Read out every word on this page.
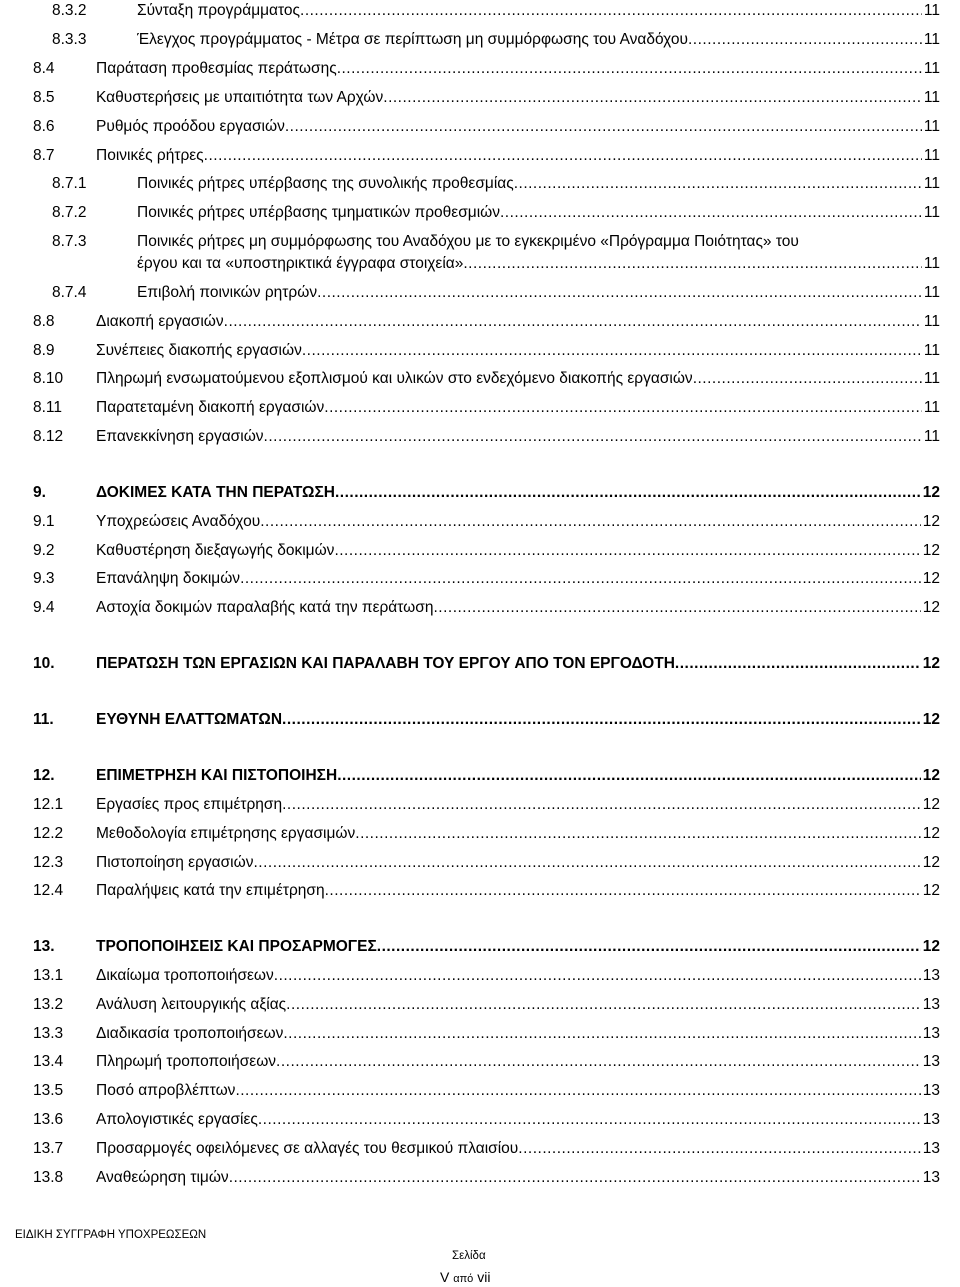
8.3.2	Σύνταξη προγράμματος .....	11
8.3.3	Έλεγχος προγράμματος - Μέτρα σε περίπτωση μη συμμόρφωσης του Αναδόχου .....	11
8.4	Παράταση προθεσμίας περάτωσης .....	11
8.5	Καθυστερήσεις με υπαιτιότητα των Αρχών .....	11
8.6	Ρυθμός προόδου εργασιών .....	11
8.7	Ποινικές ρήτρες .....	11
8.7.1	Ποινικές ρήτρες υπέρβασης της συνολικής προθεσμίας .....	11
8.7.2	Ποινικές ρήτρες υπέρβασης τμηματικών προθεσμιών .....	11
8.7.3	Ποινικές ρήτρες μη συμμόρφωσης του Αναδόχου με το εγκεκριμένο «Πρόγραμμα Ποιότητας» του
έργου και τα «υποστηρικτικά έγγραφα στοιχεία» .....	11
8.7.4	Επιβολή ποινικών ρητρών .....	11
8.8	Διακοπή εργασιών .....	11
8.9	Συνέπειες διακοπής εργασιών .....	11
8.10 Πληρωμή ενσωματούμενου εξοπλισμού και υλικών στο ενδεχόμενο διακοπής εργασιών .....	11
8.11 Παρατεταμένη διακοπή εργασιών .....	11
8.12 Επανεκκίνηση εργασιών .....	11
9.	ΔΟΚΙΜΕΣ ΚΑΤΑ ΤΗΝ ΠΕΡΑΤΩΣΗ .....	12
9.1	Υποχρεώσεις Αναδόχου .....	12
9.2	Καθυστέρηση διεξαγωγής δοκιμών .....	12
9.3	Επανάληψη δοκιμών .....	12
9.4	Αστοχία δοκιμών παραλαβής κατά την περάτωση .....	12
10.	ΠΕΡΑΤΩΣΗ ΤΩΝ ΕΡΓΑΣΙΩΝ ΚΑΙ ΠΑΡΑΛΑΒΗ ΤΟΥ ΕΡΓΟΥ ΑΠΟ ΤΟΝ ΕΡΓΟΔΟΤΗ .....	12
11.	ΕΥΘΥΝΗ ΕΛΑΤΤΩΜΑΤΩΝ .....	12
12.	ΕΠΙΜΕΤΡΗΣΗ ΚΑΙ ΠΙΣΤΟΠΟΙΗΣΗ .....	12
12.1 Εργασίες προς επιμέτρηση .....	12
12.2 Μεθοδολογία επιμέτρησης εργασιμών .....	12
12.3 Πιστοποίηση εργασιών .....	12
12.4 Παραλήψεις κατά την επιμέτρηση .....	12
13.	ΤΡΟΠΟΠΟΙΗΣΕΙΣ ΚΑΙ ΠΡΟΣΑΡΜΟΓΕΣ .....	12
13.1 Δικαίωμα τροποποιήσεων .....	13
13.2 Ανάλυση λειτουργικής αξίας .....	13
13.3 Διαδικασία τροποποιήσεων .....	13
13.4 Πληρωμή τροποποιήσεων .....	13
13.5 Ποσό απροβλέπτων .....	13
13.6 Απολογιστικές εργασίες .....	13
13.7 Προσαρμογές οφειλόμενες σε αλλαγές του θεσμικού πλαισίου .....	13
13.8 Αναθεώρηση τιμών .....	13
ΕΙΔΙΚΗ ΣΥΓΓΡΑΦΗ ΥΠΟΧΡΕΩΣΕΩΝ
Σελίδα
V από vii
